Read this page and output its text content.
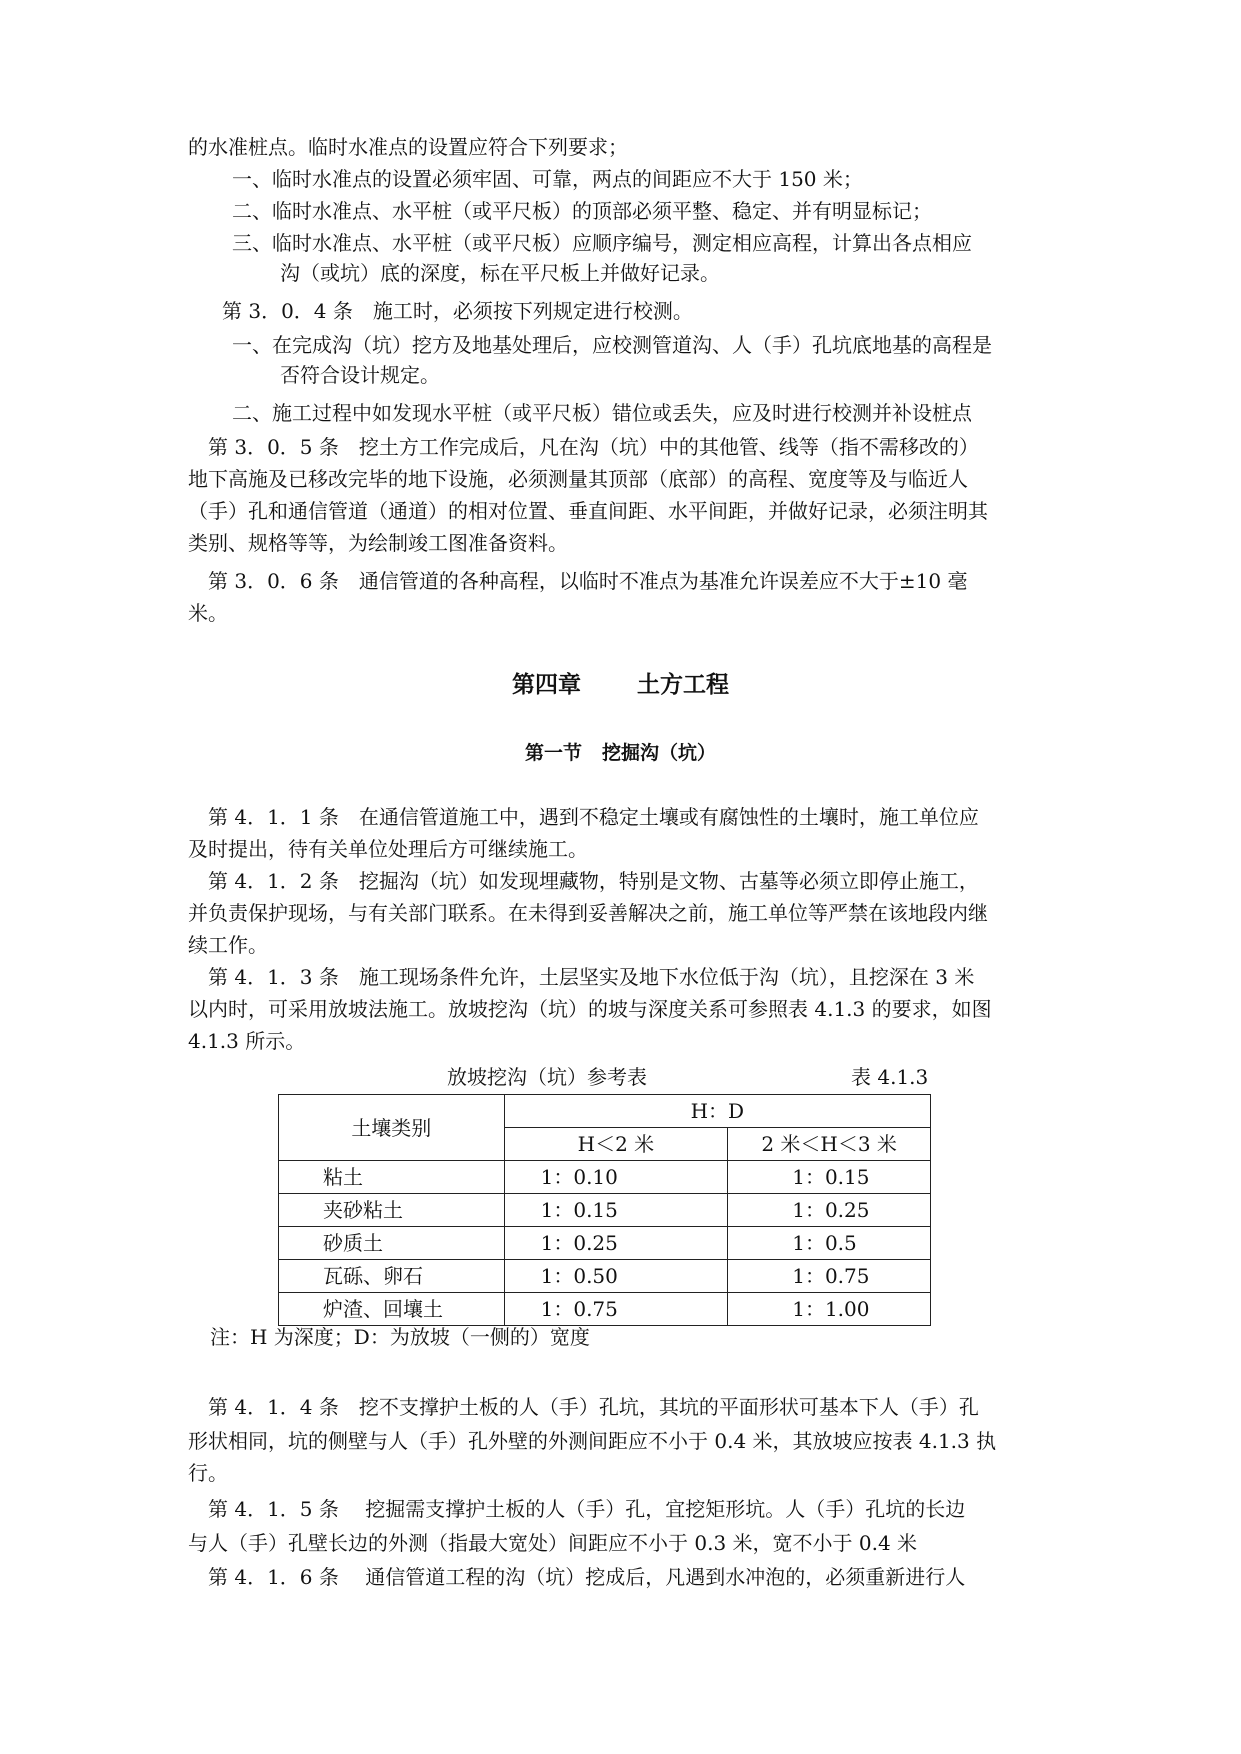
的水准桩点。临时水准点的设置应符合下列要求；
一、临时水准点的设置必须牢固、可靠，两点的间距应不大于 150 米；
二、临时水准点、水平桩（或平尺板）的顶部必须平整、稳定、并有明显标记；
三、临时水准点、水平桩（或平尺板）应顺序编号，测定相应高程，计算出各点相应
沟（或坑）底的深度，标在平尺板上并做好记录。
第 3．0．4 条　施工时，必须按下列规定进行校测。
一、在完成沟（坑）挖方及地基处理后，应校测管道沟、人（手）孔坑底地基的高程是
否符合设计规定。
二、施工过程中如发现水平桩（或平尺板）错位或丢失，应及时进行校测并补设桩点
第 3．0．5 条　挖土方工作完成后，凡在沟（坑）中的其他管、线等（指不需移改的）
地下高施及已移改完毕的地下设施，必须测量其顶部（底部）的高程、宽度等及与临近人
（手）孔和通信管道（通道）的相对位置、垂直间距、水平间距，并做好记录，必须注明其
类别、规格等等，为绘制竣工图准备资料。
第 3．0．6 条　通信管道的各种高程，以临时不准点为基准允许误差应不大于±10 毫
米。
第四章 土方工程
第一节 挖掘沟（坑）
第 4．1．1 条　在通信管道施工中，遇到不稳定土壤或有腐蚀性的土壤时，施工单位应
及时提出，待有关单位处理后方可继续施工。
第 4．1．2 条　挖掘沟（坑）如发现埋藏物，特别是文物、古墓等必须立即停止施工，
并负责保护现场，与有关部门联系。在未得到妥善解决之前，施工单位等严禁在该地段内继
续工作。
第 4．1．3 条　施工现场条件允许，土层坚实及地下水位低于沟（坑），且挖深在 3 米
以内时，可采用放坡法施工。放坡挖沟（坑）的坡与深度关系可参照表 4.1.3 的要求，如图
4.1.3 所示。
放坡挖沟（坑）参考表	表 4.1.3
土壤类别	H：D	
	H＜2 米	2 米＜H＜3 米
粘土	1：0.10	1：0.15
夹砂粘土	1：0.15	1：0.25
砂质土	1：0.25	1：0.5
瓦砾、卵石	1：0.50	1：0.75
炉渣、回壤土	1：0.75	1：1.00
注：H 为深度；D：为放坡（一侧的）宽度
第 4．1．4 条　挖不支撑护土板的人（手）孔坑，其坑的平面形状可基本下人（手）孔
形状相同，坑的侧壁与人（手）孔外壁的外测间距应不小于 0.4 米，其放坡应按表 4.1.3 执
行。
第 4．1．5 条　 挖掘需支撑护土板的人（手）孔，宜挖矩形坑。人（手）孔坑的长边
与人（手）孔壁长边的外测（指最大宽处）间距应不小于 0.3 米，宽不小于 0.4 米
第 4．1．6 条　 通信管道工程的沟（坑）挖成后，凡遇到水冲泡的，必须重新进行人
